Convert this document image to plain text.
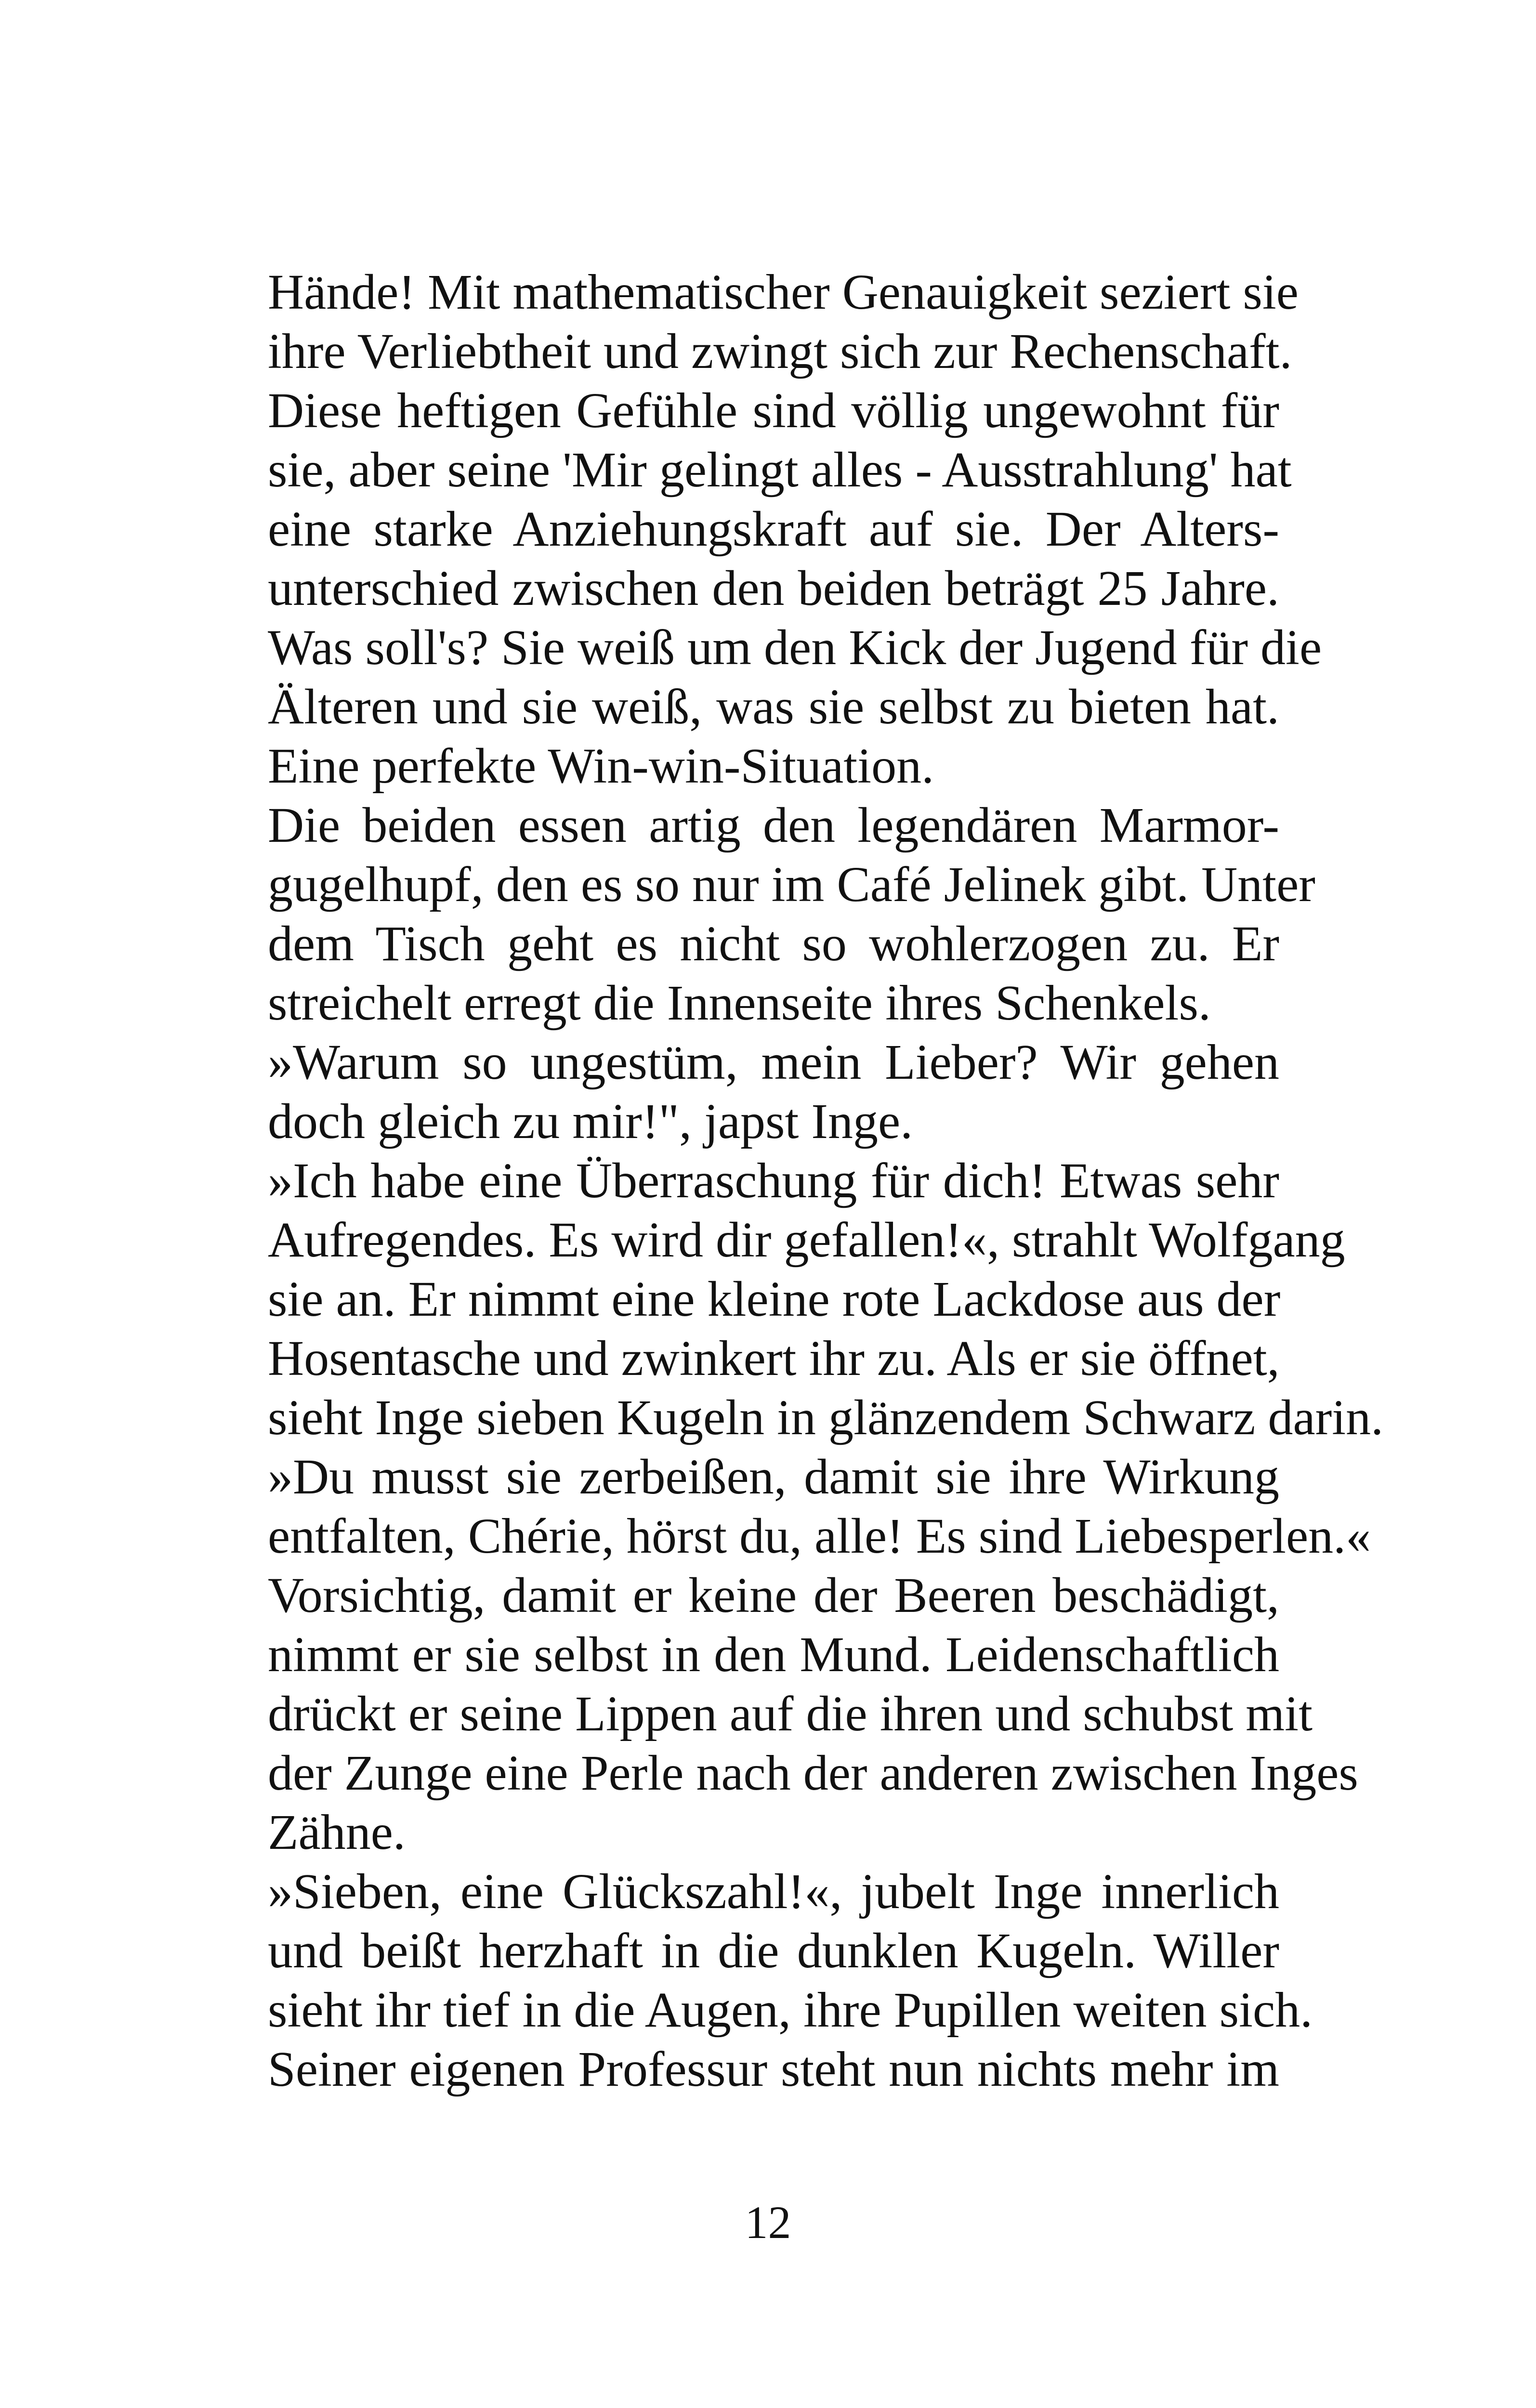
Hände! Mit mathematischer Genauigkeit seziert sie
ihre Verliebtheit und zwingt sich zur Rechenschaft.
Diese heftigen Gefühle sind völlig ungewohnt für
sie, aber seine 'Mir gelingt alles - Ausstrahlung' hat
eine starke Anziehungskraft auf sie. Der Alters-
unterschied zwischen den beiden beträgt 25 Jahre.
Was soll's? Sie weiß um den Kick der Jugend für die
Älteren und sie weiß, was sie selbst zu bieten hat.
Eine perfekte Win-win-Situation.
Die beiden essen artig den legendären Marmor-
gugelhupf, den es so nur im Café Jelinek gibt. Unter
dem Tisch geht es nicht so wohlerzogen zu. Er
streichelt erregt die Innenseite ihres Schenkels.
»Warum so ungestüm, mein Lieber? Wir gehen
doch gleich zu mir!", japst Inge.
»Ich habe eine Überraschung für dich! Etwas sehr
Aufregendes. Es wird dir gefallen!«, strahlt Wolfgang
sie an. Er nimmt eine kleine rote Lackdose aus der
Hosentasche und zwinkert ihr zu. Als er sie öffnet,
sieht Inge sieben Kugeln in glänzendem Schwarz darin.
»Du musst sie zerbeißen, damit sie ihre Wirkung
entfalten, Chérie, hörst du, alle! Es sind Liebesperlen.«
Vorsichtig, damit er keine der Beeren beschädigt,
nimmt er sie selbst in den Mund. Leidenschaftlich
drückt er seine Lippen auf die ihren und schubst mit
der Zunge eine Perle nach der anderen zwischen Inges
Zähne.
»Sieben, eine Glückszahl!«, jubelt Inge innerlich
und beißt herzhaft in die dunklen Kugeln. Willer
sieht ihr tief in die Augen, ihre Pupillen weiten sich.
Seiner eigenen Professur steht nun nichts mehr im
12
